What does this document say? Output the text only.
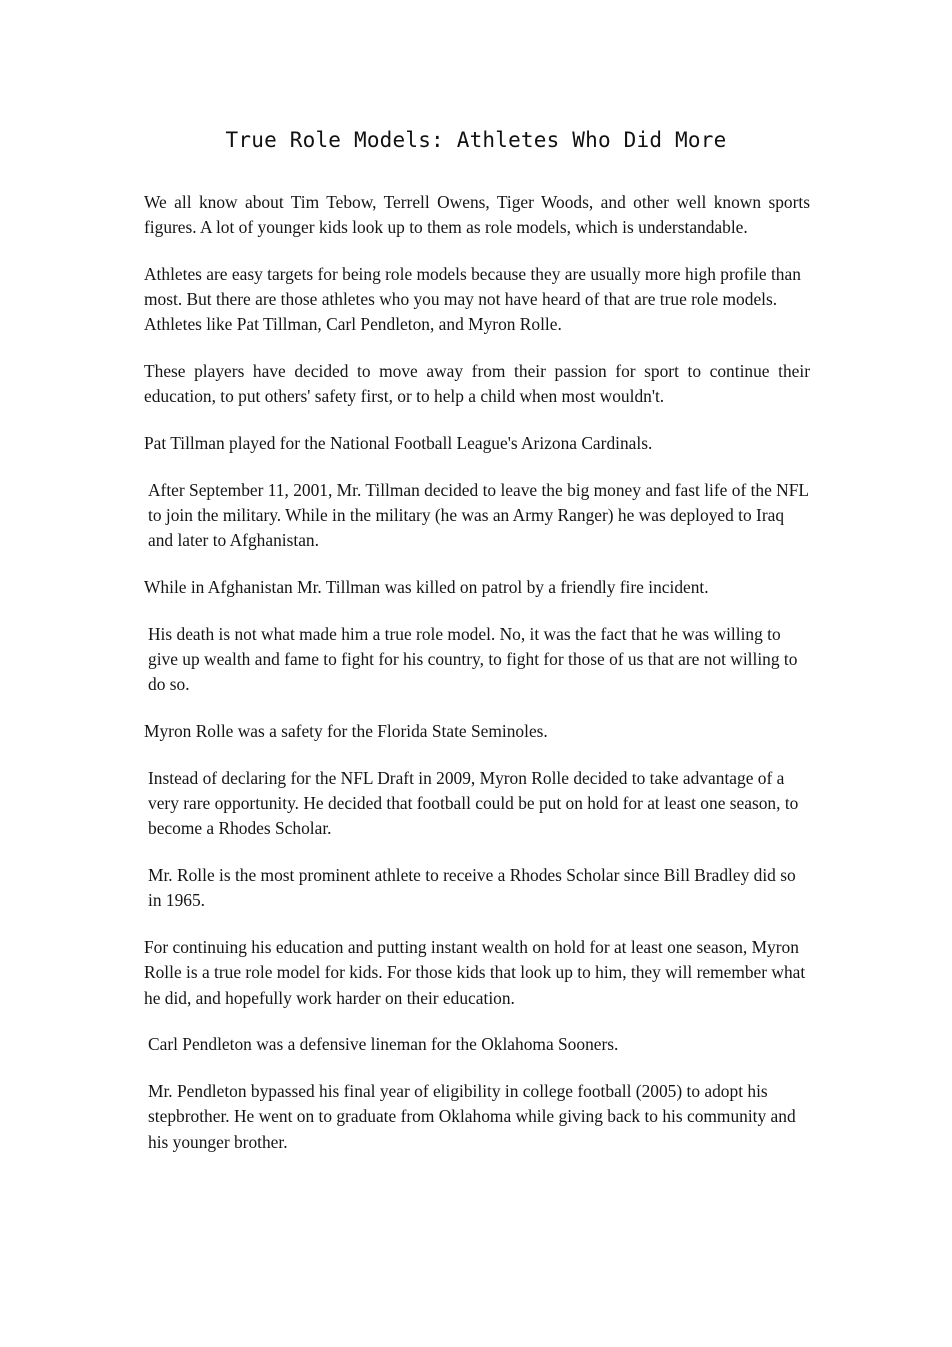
True Role Models: Athletes Who Did More

We all know about Tim Tebow, Terrell Owens, Tiger Woods, and other well known sports figures. A lot of younger kids look up to them as role models, which is understandable.

Athletes are easy targets for being role models because they are usually more high profile than most. But there are those athletes who you may not have heard of that are true role models. Athletes like Pat Tillman, Carl Pendleton, and Myron Rolle.

These players have decided to move away from their passion for sport to continue their education, to put others' safety first, or to help a child when most wouldn't.

Pat Tillman played for the National Football League's Arizona Cardinals.

After September 11, 2001, Mr. Tillman decided to leave the big money and fast life of the NFL to join the military. While in the military (he was an Army Ranger) he was deployed to Iraq and later to Afghanistan.

While in Afghanistan Mr. Tillman was killed on patrol by a friendly fire incident.

His death is not what made him a true role model. No, it was the fact that he was willing to give up wealth and fame to fight for his country, to fight for those of us that are not willing to do so.

Myron Rolle was a safety for the Florida State Seminoles.

Instead of declaring for the NFL Draft in 2009, Myron Rolle decided to take advantage of a very rare opportunity. He decided that football could be put on hold for at least one season, to become a Rhodes Scholar.

Mr. Rolle is the most prominent athlete to receive a Rhodes Scholar since Bill Bradley did so in 1965.

For continuing his education and putting instant wealth on hold for at least one season, Myron Rolle is a true role model for kids. For those kids that look up to him, they will remember what he did, and hopefully work harder on their education.

Carl Pendleton was a defensive lineman for the Oklahoma Sooners.

Mr. Pendleton bypassed his final year of eligibility in college football (2005) to adopt his stepbrother. He went on to graduate from Oklahoma while giving back to his community and his younger brother.
